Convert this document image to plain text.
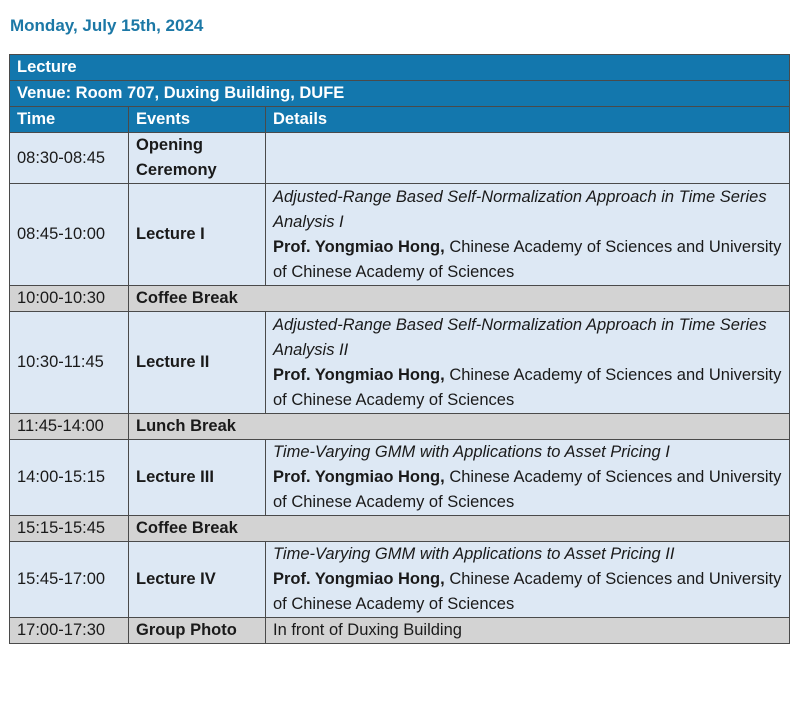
Monday, July 15th, 2024
Lecture		
Venue: Room 707, Duxing Building, DUFE		
Time	Events	Details
08:30-08:45	Opening Ceremony	
08:45-10:00	Lecture I	Adjusted-Range Based Self-Normalization Approach in Time Series Analysis I
Prof. Yongmiao Hong, Chinese Academy of Sciences and University of Chinese Academy of Sciences

10:00-10:30	Coffee Break	
10:30-11:45	Lecture II	Adjusted-Range Based Self-Normalization Approach in Time Series Analysis II
Prof. Yongmiao Hong, Chinese Academy of Sciences and University of Chinese Academy of Sciences

11:45-14:00	Lunch Break	
14:00-15:15	Lecture III	Time-Varying GMM with Applications to Asset Pricing I
Prof. Yongmiao Hong, Chinese Academy of Sciences and University of Chinese Academy of Sciences

15:15-15:45	Coffee Break	
15:45-17:00	Lecture IV	Time-Varying GMM with Applications to Asset Pricing II
Prof. Yongmiao Hong, Chinese Academy of Sciences and University of Chinese Academy of Sciences

17:00-17:30	Group Photo	In front of Duxing Building
